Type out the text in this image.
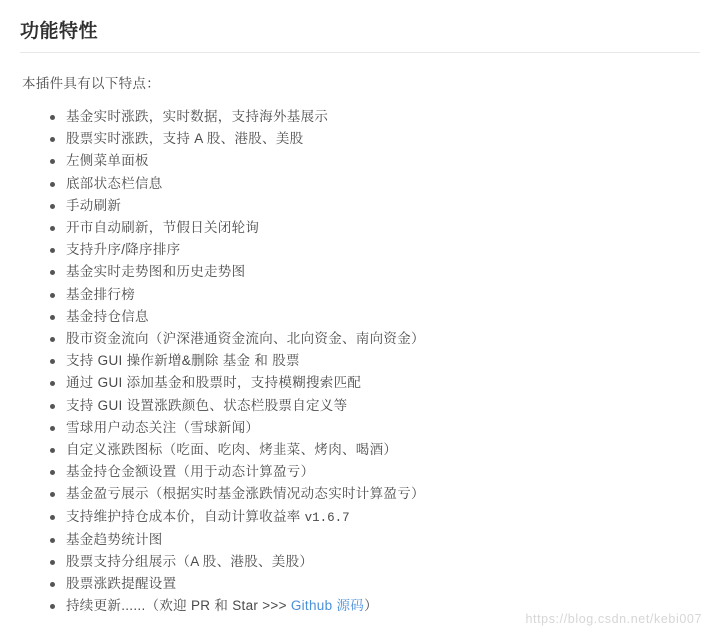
功能特性

本插件具有以下特点：

基金实时涨跌，实时数据，支持海外基展示
股票实时涨跌，支持 A 股、港股、美股
左侧菜单面板
底部状态栏信息
手动刷新
开市自动刷新，节假日关闭轮询
支持升序/降序排序
基金实时走势图和历史走势图
基金排行榜
基金持仓信息
股市资金流向（沪深港通资金流向、北向资金、南向资金）
支持 GUI 操作新增&删除 基金 和 股票
通过 GUI 添加基金和股票时，支持模糊搜索匹配
支持 GUI 设置涨跌颜色、状态栏股票自定义等
雪球用户动态关注（雪球新闻）
自定义涨跌图标（吃面、吃肉、烤韭菜、烤肉、喝酒）
基金持仓金额设置（用于动态计算盈亏）
基金盈亏展示（根据实时基金涨跌情况动态实时计算盈亏）
支持维护持仓成本价，自动计算收益率 v1.6.7
基金趋势统计图
股票支持分组展示（A 股、港股、美股）
股票涨跌提醒设置
持续更新......（欢迎 PR 和 Star >>> Github 源码）
https://blog.csdn.net/kebi007
